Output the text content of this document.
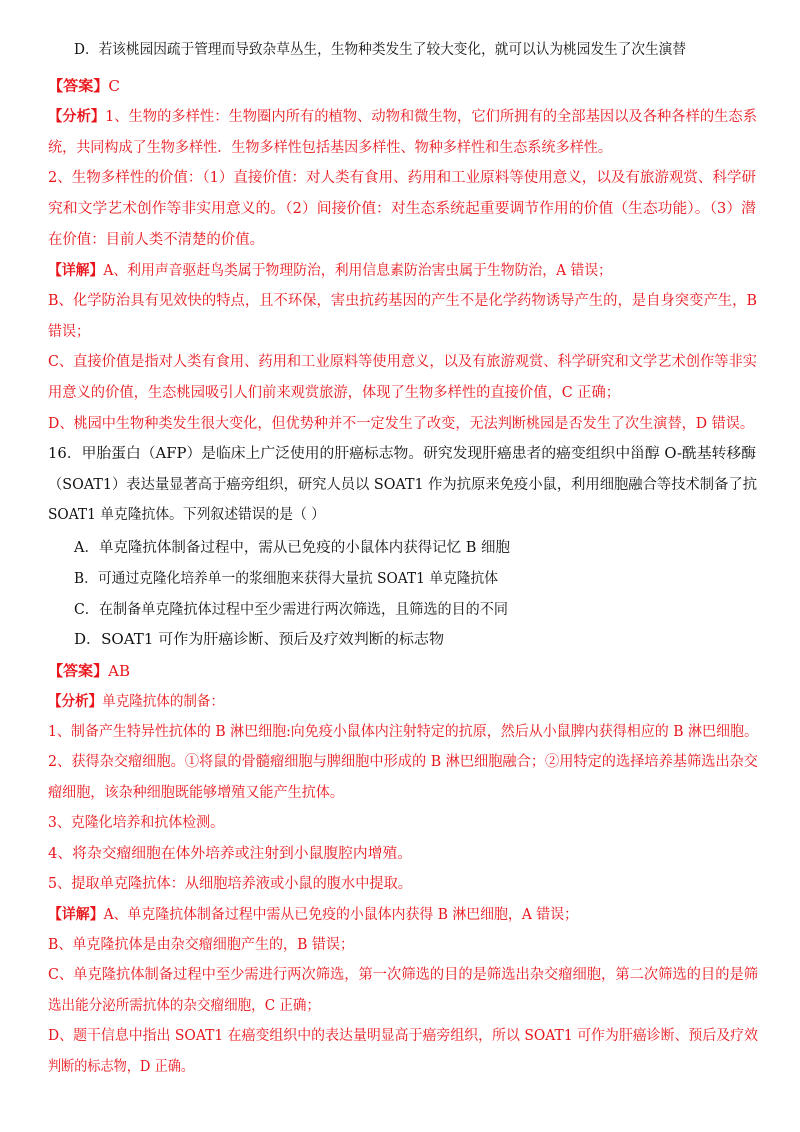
D．若该桃园因疏于管理而导致杂草丛生，生物种类发生了较大变化，就可以认为桃园发生了次生演替
【答案】C
【分析】1、生物的多样性：生物圈内所有的植物、动物和微生物，它们所拥有的全部基因以及各种各样的生态系
统，共同构成了生物多样性．生物多样性包括基因多样性、物种多样性和生态系统多样性。
2、生物多样性的价值：（1）直接价值：对人类有食用、药用和工业原料等使用意义，以及有旅游观赏、科学研
究和文学艺术创作等非实用意义的。（2）间接价值：对生态系统起重要调节作用的价值（生态功能）。（3）潜
在价值：目前人类不清楚的价值。
【详解】A、利用声音驱赶鸟类属于物理防治，利用信息素防治害虫属于生物防治，A 错误；
B、化学防治具有见效快的特点，且不环保，害虫抗药基因的产生不是化学药物诱导产生的，是自身突变产生，B
错误；
C、直接价值是指对人类有食用、药用和工业原料等使用意义，以及有旅游观赏、科学研究和文学艺术创作等非实
用意义的价值，生态桃园吸引人们前来观赏旅游，体现了生物多样性的直接价值，C 正确；
D、桃园中生物种类发生很大变化，但优势种并不一定发生了改变，无法判断桃园是否发生了次生演替，D 错误。
16．甲胎蛋白（AFP）是临床上广泛使用的肝癌标志物。研究发现肝癌患者的癌变组织中甾醇 O-酰基转移酶
（SOAT1）表达量显著高于癌旁组织，研究人员以 SOAT1 作为抗原来免疫小鼠，利用细胞融合等技术制备了抗
SOAT1 单克隆抗体。下列叙述错误的是（ ）
A．单克隆抗体制备过程中，需从已免疫的小鼠体内获得记忆 B 细胞
B．可通过克隆化培养单一的浆细胞来获得大量抗 SOAT1 单克隆抗体
C．在制备单克隆抗体过程中至少需进行两次筛选，且筛选的目的不同
D．SOAT1 可作为肝癌诊断、预后及疗效判断的标志物
【答案】AB
【分析】单克隆抗体的制备：
1、制备产生特异性抗体的 B 淋巴细胞:向免疫小鼠体内注射特定的抗原，然后从小鼠脾内获得相应的 B 淋巴细胞。
2、获得杂交瘤细胞。①将鼠的骨髓瘤细胞与脾细胞中形成的 B 淋巴细胞融合；②用特定的选择培养基筛选出杂交
瘤细胞，该杂种细胞既能够增殖又能产生抗体。
3、克隆化培养和抗体检测。
4、将杂交瘤细胞在体外培养或注射到小鼠腹腔内增殖。
5、提取单克隆抗体：从细胞培养液或小鼠的腹水中提取。
【详解】A、单克隆抗体制备过程中需从已免疫的小鼠体内获得 B 淋巴细胞，A 错误；
B、单克隆抗体是由杂交瘤细胞产生的，B 错误；
C、单克隆抗体制备过程中至少需进行两次筛选，第一次筛选的目的是筛选出杂交瘤细胞，第二次筛选的目的是筛
选出能分泌所需抗体的杂交瘤细胞，C 正确；
D、题干信息中指出 SOAT1 在癌变组织中的表达量明显高于癌旁组织，所以 SOAT1 可作为肝癌诊断、预后及疗效
判断的标志物，D 正确。
